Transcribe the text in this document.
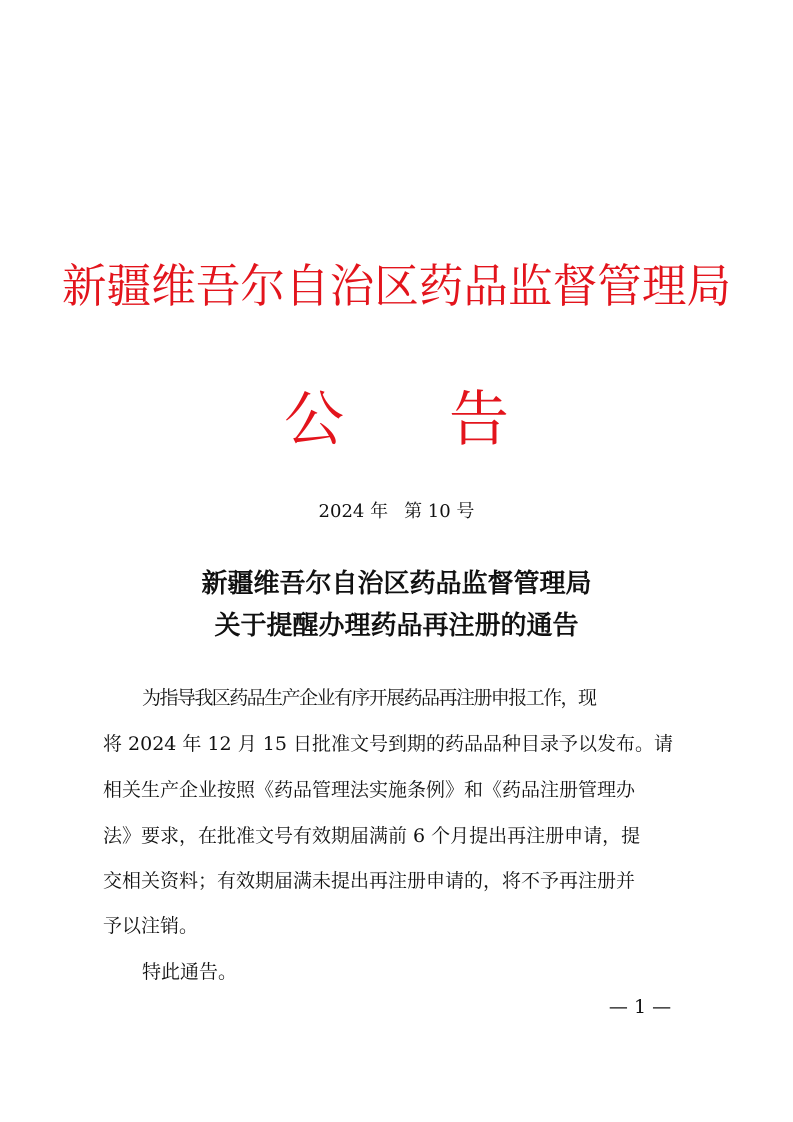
新疆维吾尔自治区药品监督管理局
公 告
2024 年 第 10 号
新疆维吾尔自治区药品监督管理局
关于提醒办理药品再注册的通告
为指导我区药品生产企业有序开展药品再注册申报工作，现
将 2024 年 12 月 15 日批准文号到期的药品品种目录予以发布。请
相关生产企业按照《药品管理法实施条例》和《药品注册管理办
法》要求，在批准文号有效期届满前 6 个月提出再注册申请，提
交相关资料；有效期届满未提出再注册申请的，将不予再注册并
予以注销。
特此通告。
— 1 —
